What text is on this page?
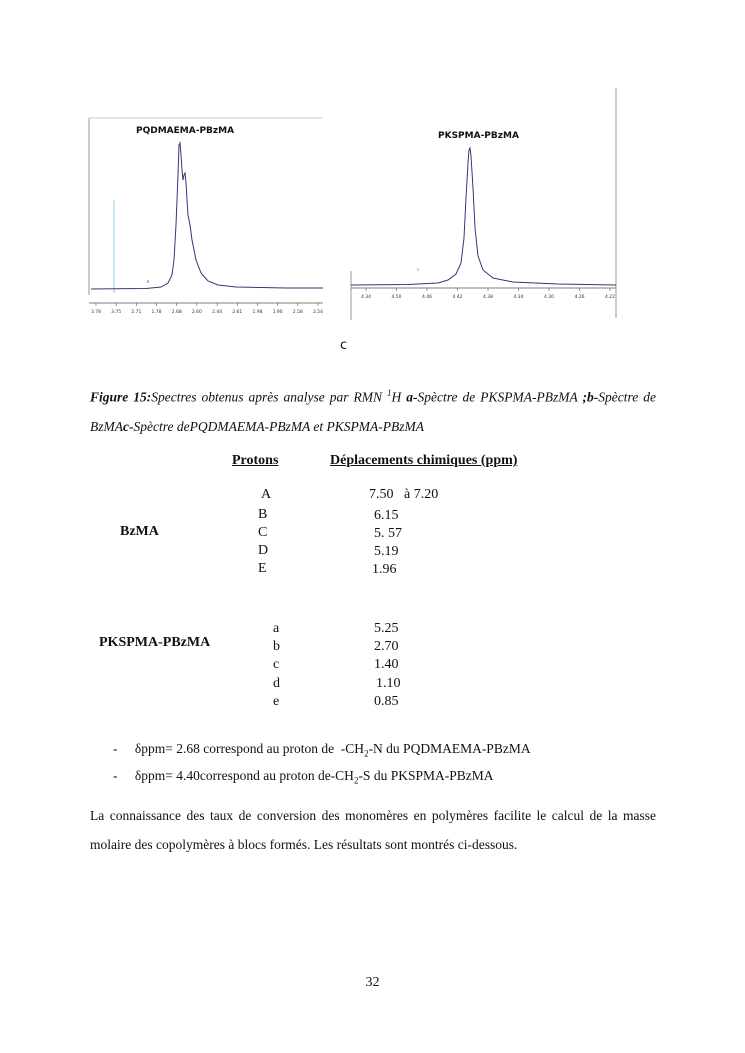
PQDMAEMA-PBzMA
3.78 3.75 2.71 1.78 2.68 2.60 2.44 2.61 1.98 1.90 2.58 2.54
PKSPMA-PBzMA
4.34	4.50	4.46	4.42	4.38	4.34	4.30	4.26	4.22
c
Figure 15:Spectres obtenus après analyse par RMN $^1$H a-Spèctre de PKSPMA-PBzMA ;b-Spèctre de BzMAc-Spèctre dePQDMAEMA-PBzMA et PKSPMA-PBzMA
Protons	Déplacements chimiques (ppm)
BzMA
A	7.50   à 7.20
B	6.15
C	5. 57
D	5.19
E	1.96
PKSPMA-PBzMA
a	5.25
b	2.70
c	1.40
d	1.10
e	0.85
- δppm= 2.68 correspond au proton de  $-CH_2-N$ du PQDMAEMA-PBzMA
- δppm= 4.40correspond au proton $de-CH_2-S$ du PKSPMA-PBzMA
La connaissance des taux de conversion des monomères en polymères facilite le calcul de la masse molaire des copolymères à blocs formés. Les résultats sont montrés ci-dessous.
32
